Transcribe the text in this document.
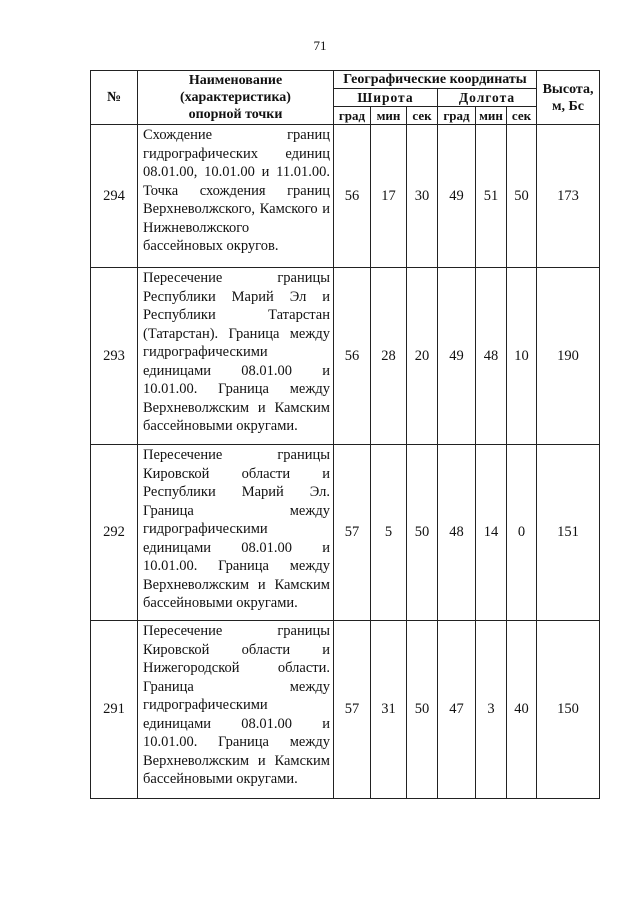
71
№	Наименование
(характеристика)
опорной точки	Географические координаты						Высота, м, Бс
		Широта			Долгота			
		град	мин	сек	град	мин	сек	
294	Схождение границ гидрографических единиц 08.01.00, 10.01.00 и 11.01.00. Точка схождения границ Верхневолжского, Камского и Нижневолжского бассейновых округов.	56	17	30	49	51	50	173
293	Пересечение границы Республики Марий Эл и Республики Татарстан (Татарстан). Граница между гидрографическими единицами 08.01.00 и 10.01.00. Граница между Верхневолжским и Камским бассейновыми округами.	56	28	20	49	48	10	190
292	Пересечение границы Кировской области и Республики Марий Эл. Граница между гидрографическими единицами 08.01.00 и 10.01.00. Граница между Верхневолжским и Камским бассейновыми округами.	57	5	50	48	14	0	151
291	Пересечение границы Кировской области и Нижегородской области. Граница между гидрографическими единицами 08.01.00 и 10.01.00. Граница между Верхневолжским и Камским бассейновыми округами.	57	31	50	47	3	40	150
